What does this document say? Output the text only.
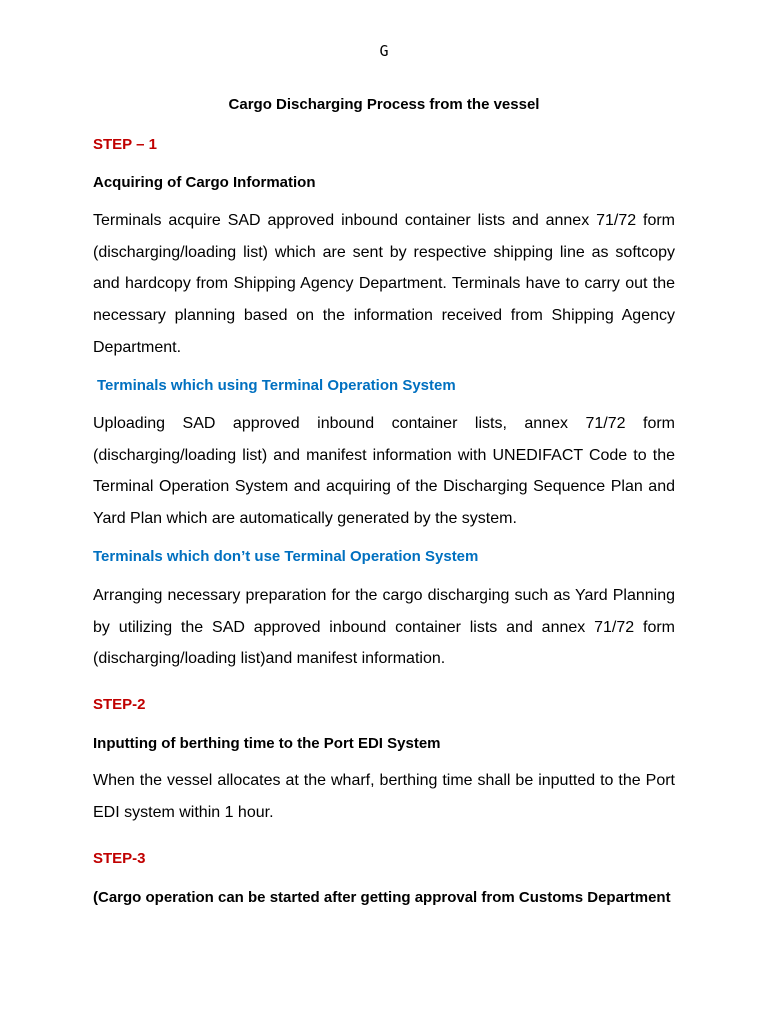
G
Cargo Discharging Process from the vessel
STEP – 1
Acquiring of Cargo Information

Terminals acquire SAD approved inbound container lists and annex 71/72 form (discharging/loading list) which are sent by respective shipping line as softcopy and hardcopy from Shipping Agency Department. Terminals have to carry out the necessary planning based on the information received from Shipping Agency Department.

Terminals which using Terminal Operation System

Uploading SAD approved inbound container lists, annex 71/72 form (discharging/loading list) and manifest information with UNEDIFACT Code to the Terminal Operation System and acquiring of the Discharging Sequence Plan and Yard Plan which are automatically generated by the system.

Terminals which don’t use Terminal Operation System

Arranging necessary preparation for the cargo discharging such as Yard Planning by utilizing the SAD approved inbound container lists and annex 71/72 form (discharging/loading list)and manifest information.

STEP-2
Inputting of berthing time to the Port EDI System

When the vessel allocates at the wharf, berthing time shall be inputted to the Port EDI system within 1 hour.

STEP-3
(Cargo operation can be started after getting approval from Customs Department
